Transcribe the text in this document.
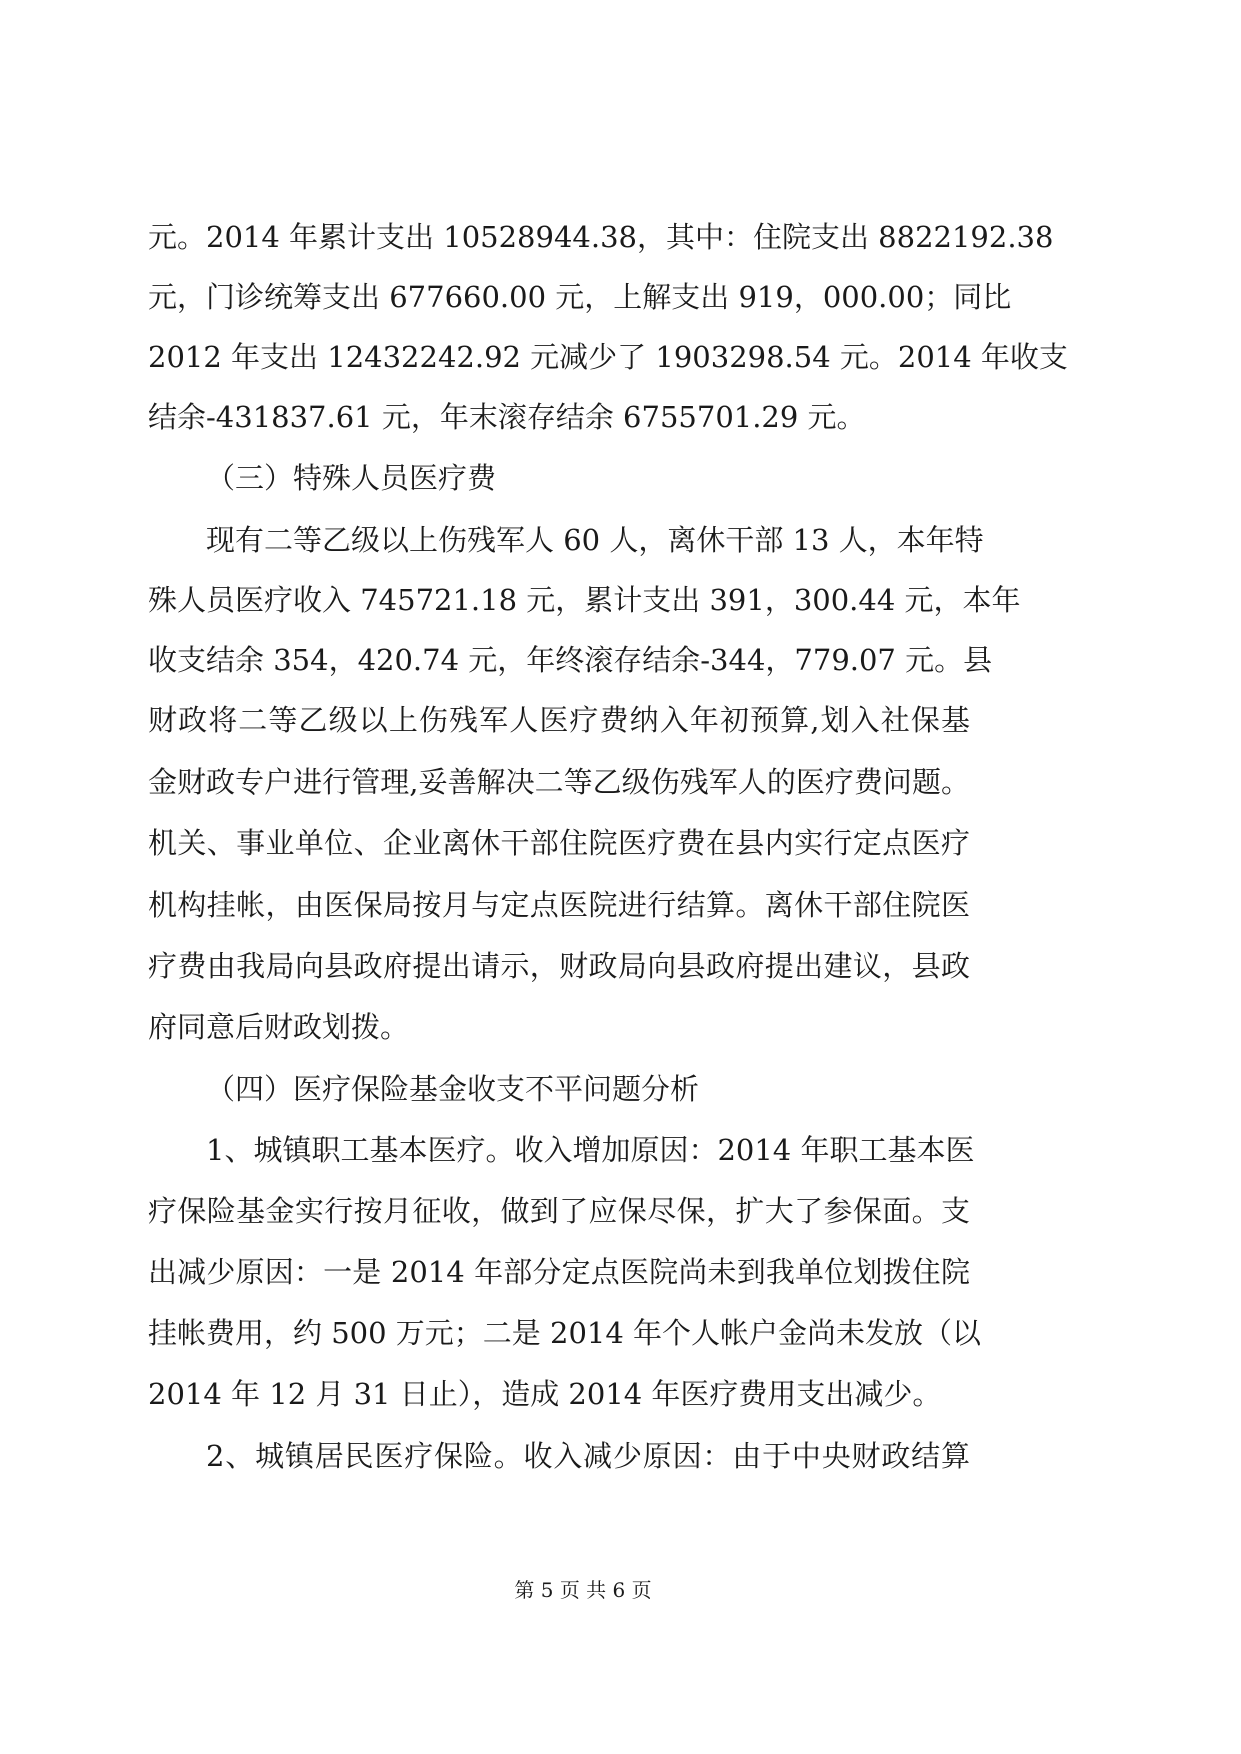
元。2014 年累计支出 10528944.38，其中：住院支出 8822192.38
元，门诊统筹支出 677660.00 元，上解支出 919，000.00；同比
2012 年支出 12432242.92 元减少了 1903298.54 元。2014 年收支
结余-431837.61 元，年末滚存结余 6755701.29 元。
（三）特殊人员医疗费
现有二等乙级以上伤残军人 60 人，离休干部 13 人，本年特
殊人员医疗收入 745721.18 元，累计支出 391，300.44 元，本年
收支结余 354，420.74 元，年终滚存结余-344，779.07 元。县
财政将二等乙级以上伤残军人医疗费纳入年初预算,划入社保基
金财政专户进行管理,妥善解决二等乙级伤残军人的医疗费问题。
机关、事业单位、企业离休干部住院医疗费在县内实行定点医疗
机构挂帐，由医保局按月与定点医院进行结算。离休干部住院医
疗费由我局向县政府提出请示，财政局向县政府提出建议，县政
府同意后财政划拨。
（四）医疗保险基金收支不平问题分析
1、城镇职工基本医疗。收入增加原因：2014 年职工基本医
疗保险基金实行按月征收，做到了应保尽保，扩大了参保面。支
出减少原因：一是 2014 年部分定点医院尚未到我单位划拨住院
挂帐费用，约 500 万元；二是 2014 年个人帐户金尚未发放（以
2014 年 12 月 31 日止），造成 2014 年医疗费用支出减少。
2、城镇居民医疗保险。收入减少原因：由于中央财政结算
第 5 页 共 6 页
